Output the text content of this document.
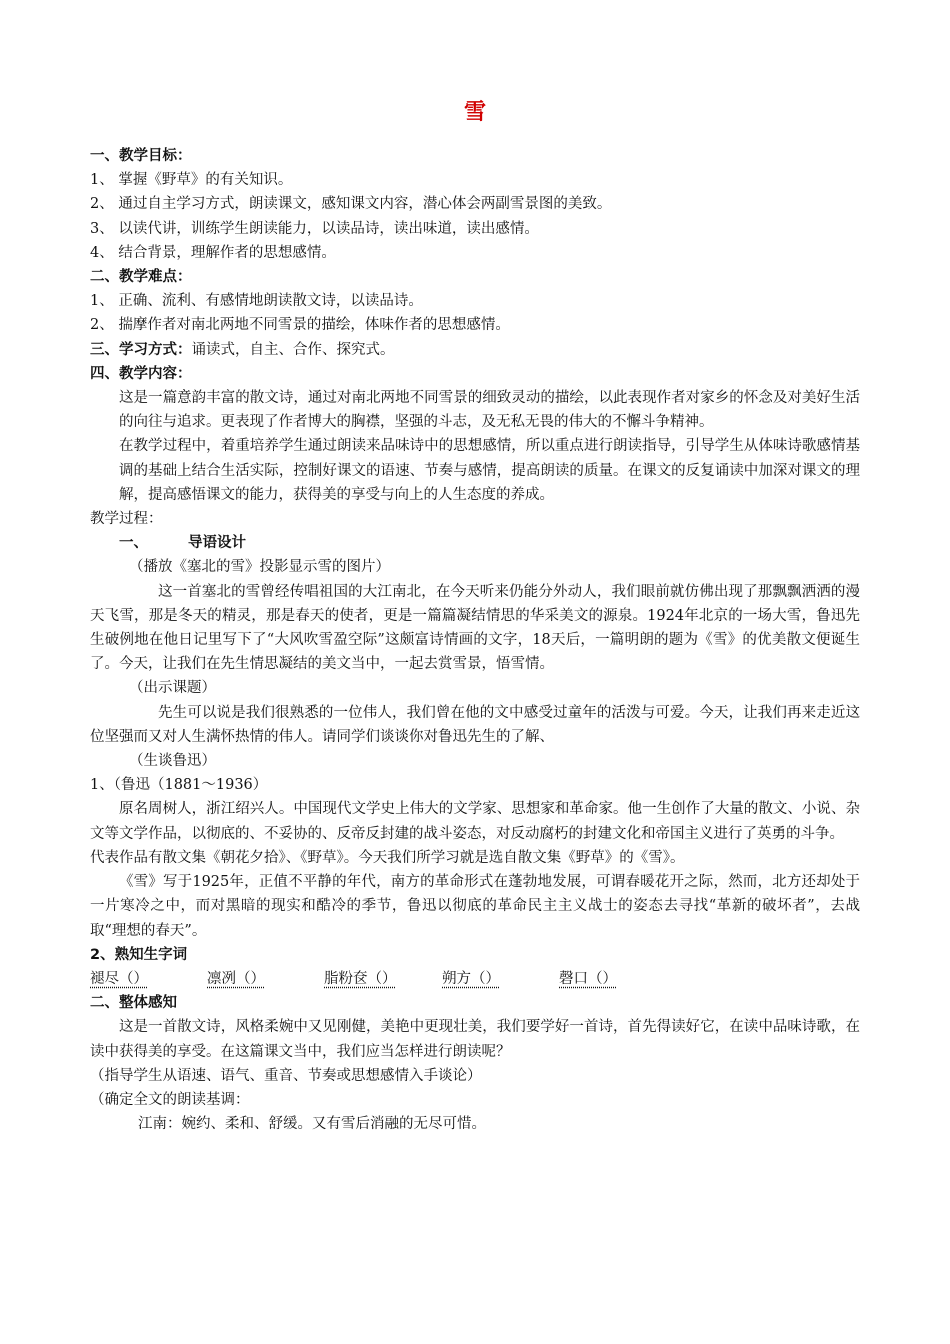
雪
一、教学目标：
1、 掌握《野草》的有关知识。
2、 通过自主学习方式，朗读课文，感知课文内容，潜心体会两副雪景图的美致。
3、 以读代讲，训练学生朗读能力，以读品诗，读出味道，读出感情。
4、 结合背景，理解作者的思想感情。
二、教学难点：
1、 正确、流利、有感情地朗读散文诗，以读品诗。
2、 揣摩作者对南北两地不同雪景的描绘，体味作者的思想感情。
三、学习方式：诵读式，自主、合作、探究式。
四、教学内容：
这是一篇意韵丰富的散文诗，通过对南北两地不同雪景的细致灵动的描绘，以此表现作者对家乡的怀念及对美好生活的向往与追求。更表现了作者博大的胸襟，坚强的斗志，及无私无畏的伟大的不懈斗争精神。
在教学过程中，着重培养学生通过朗读来品味诗中的思想感情，所以重点进行朗读指导，引导学生从体味诗歌感情基调的基础上结合生活实际，控制好课文的语速、节奏与感情，提高朗读的质量。在课文的反复诵读中加深对课文的理解，提高感悟课文的能力，获得美的享受与向上的人生态度的养成。
教学过程：
一、	导语设计
（播放《塞北的雪》投影显示雪的图片）
这一首塞北的雪曾经传唱祖国的大江南北，在今天听来仍能分外动人，我们眼前就仿佛出现了那飘飘洒洒的漫天飞雪，那是冬天的精灵，那是春天的使者，更是一篇篇凝结情思的华采美文的源泉。1924年北京的一场大雪，鲁迅先生破例地在他日记里写下了“大风吹雪盈空际”这颇富诗情画的文字，18天后，一篇明朗的题为《雪》的优美散文便诞生了。今天，让我们在先生情思凝结的美文当中，一起去赏雪景，悟雪情。
（出示课题）
先生可以说是我们很熟悉的一位伟人，我们曾在他的文中感受过童年的活泼与可爱。今天，让我们再来走近这位坚强而又对人生满怀热情的伟人。请同学们谈谈你对鲁迅先生的了解、
（生谈鲁迅）
1、（鲁迅（1881～1936）
原名周树人，浙江绍兴人。中国现代文学史上伟大的文学家、思想家和革命家。他一生创作了大量的散文、小说、杂文等文学作品，以彻底的、不妥协的、反帝反封建的战斗姿态，对反动腐朽的封建文化和帝国主义进行了英勇的斗争。
代表作品有散文集《朝花夕拾》、《野草》。今天我们所学习就是选自散文集《野草》的《雪》。
《雪》写于1925年，正值不平静的年代，南方的革命形式在蓬勃地发展，可谓春暖花开之际，然而，北方还却处于一片寒冷之中，而对黑暗的现实和酷冷的季节，鲁迅以彻底的革命民主主义战士的姿态去寻找“革新的破坏者”，去战取“理想的春天”。
2、熟知生字词
褪尽（）	凛冽（）	脂粉奁（）	朔方（）	磬口（）
二、整体感知
这是一首散文诗，风格柔婉中又见刚健，美艳中更现壮美，我们要学好一首诗，首先得读好它，在读中品味诗歌，在读中获得美的享受。在这篇课文当中，我们应当怎样进行朗读呢？
（指导学生从语速、语气、重音、节奏或思想感情入手谈论）
（确定全文的朗读基调：
江南：婉约、柔和、舒缓。又有雪后消融的无尽可惜。
